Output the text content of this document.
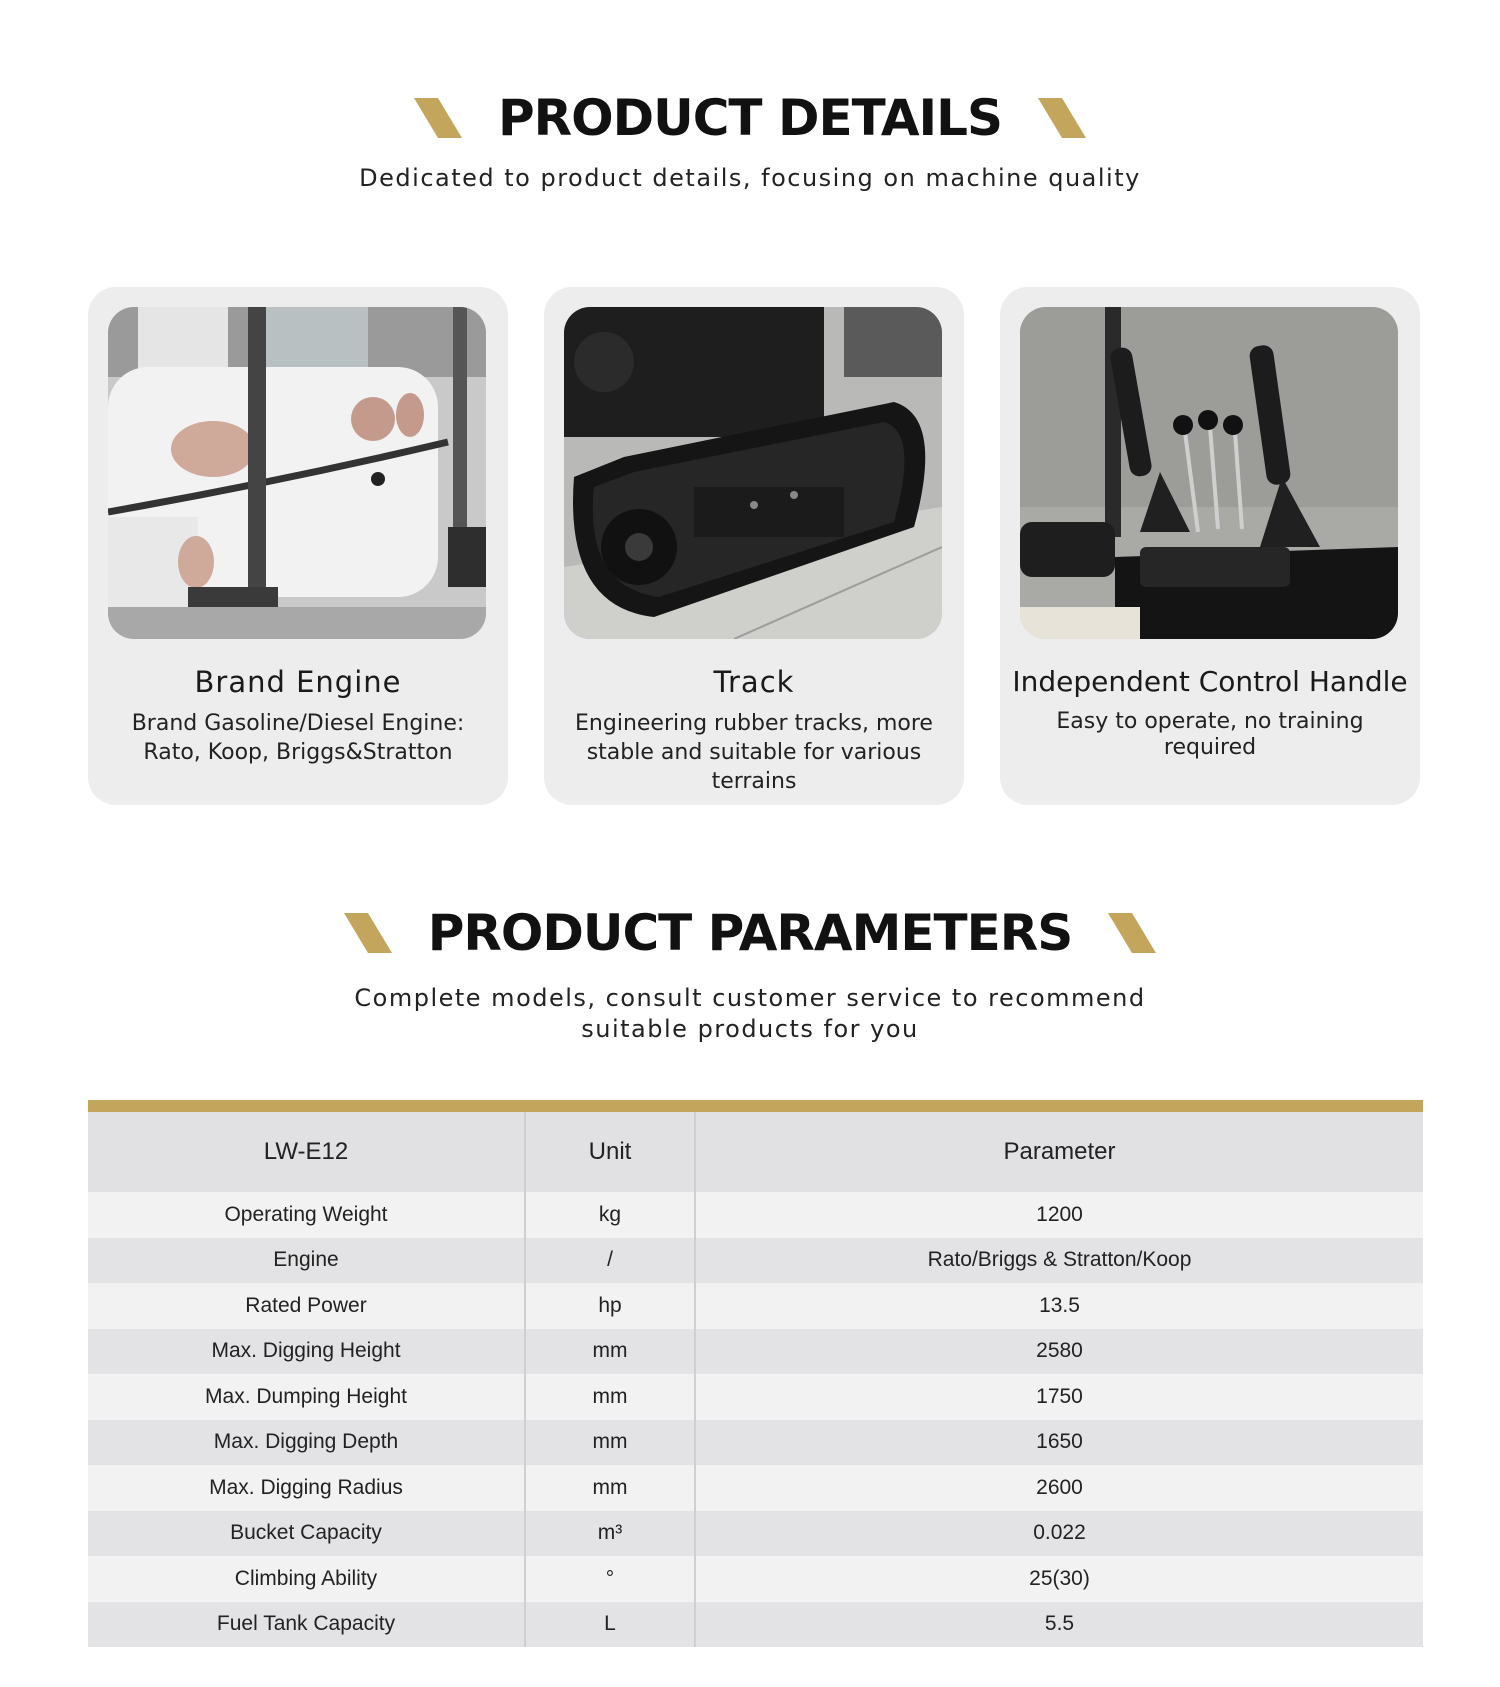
PRODUCT DETAILS
Dedicated to product details, focusing on machine quality
Brand Engine
Brand Gasoline/Diesel Engine: Rato, Koop, Briggs&Stratton
Track
Engineering rubber tracks, more stable and suitable for various terrains
Independent Control Handle
Easy to operate, no training required
PRODUCT PARAMETERS
Complete models, consult customer service to recommend suitable products for you
LW-E12	Unit	Parameter
Operating Weight	kg	1200
Engine	/	Rato/Briggs & Stratton/Koop
Rated Power	hp	13.5
Max. Digging Height	mm	2580
Max. Dumping Height	mm	1750
Max. Digging Depth	mm	1650
Max. Digging Radius	mm	2600
Bucket Capacity	m³	0.022
Climbing Ability	°	25(30)
Fuel Tank Capacity	L	5.5
